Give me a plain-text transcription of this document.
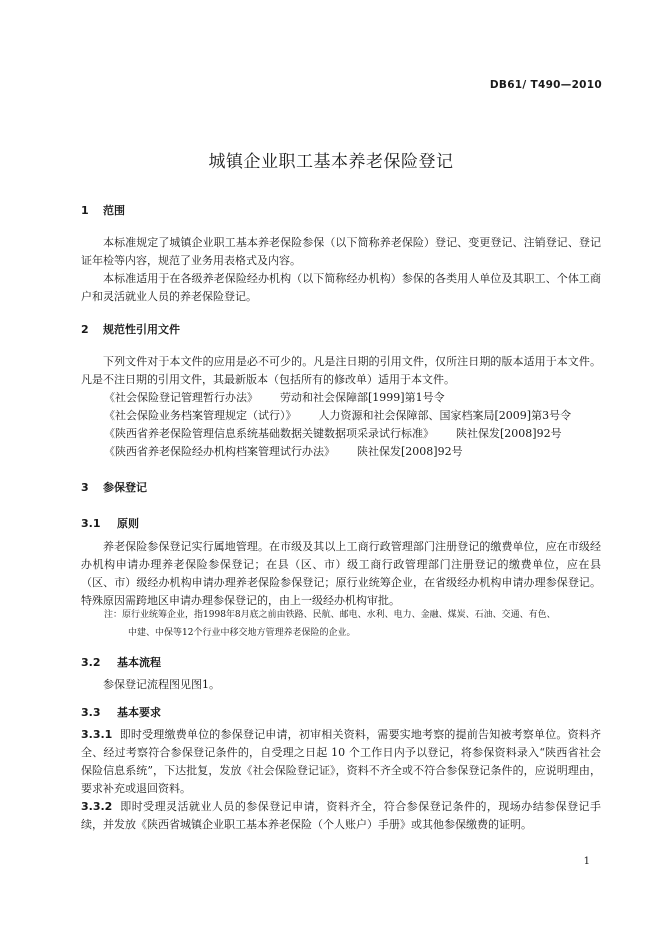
DB61/ T490—2010
城镇企业职工基本养老保险登记
1 范围
本标准规定了城镇企业职工基本养老保险参保（以下简称养老保险）登记、变更登记、注销登记、登记证年检等内容，规范了业务用表格式及内容。
本标准适用于在各级养老保险经办机构（以下简称经办机构）参保的各类用人单位及其职工、个体工商户和灵活就业人员的养老保险登记。
2 规范性引用文件
下列文件对于本文件的应用是必不可少的。凡是注日期的引用文件，仅所注日期的版本适用于本文件。凡是不注日期的引用文件，其最新版本（包括所有的修改单）适用于本文件。
《社会保险登记管理暂行办法》 劳动和社会保障部[1999]第1号令
《社会保险业务档案管理规定（试行）》 人力资源和社会保障部、国家档案局[2009]第3号令
《陕西省养老保险管理信息系统基础数据关键数据项采录试行标准》 陕社保发[2008]92号
《陕西省养老保险经办机构档案管理试行办法》 陕社保发[2008]92号
3 参保登记
3.1 原则
养老保险参保登记实行属地管理。在市级及其以上工商行政管理部门注册登记的缴费单位，应在市级经办机构申请办理养老保险参保登记；在县（区、市）级工商行政管理部门注册登记的缴费单位，应在县（区、市）级经办机构申请办理养老保险参保登记；原行业统筹企业，在省级经办机构申请办理参保登记。特殊原因需跨地区申请办理参保登记的，由上一级经办机构审批。
注：原行业统筹企业，指1998年8月底之前由铁路、民航、邮电、水利、电力、金融、煤炭、石油、交通、有色、
中建、中保等12个行业中移交地方管理养老保险的企业。
3.2 基本流程
参保登记流程图见图1。
3.3 基本要求
3.3.1 即时受理缴费单位的参保登记申请，初审相关资料，需要实地考察的提前告知被考察单位。资料齐全、经过考察符合参保登记条件的，自受理之日起 10 个工作日内予以登记，将参保资料录入“陕西省社会保险信息系统”，下达批复，发放《社会保险登记证》，资料不齐全或不符合参保登记条件的，应说明理由，要求补充或退回资料。
3.3.2 即时受理灵活就业人员的参保登记申请，资料齐全，符合参保登记条件的，现场办结参保登记手续，并发放《陕西省城镇企业职工基本养老保险（个人账户）手册》或其他参保缴费的证明。
1
